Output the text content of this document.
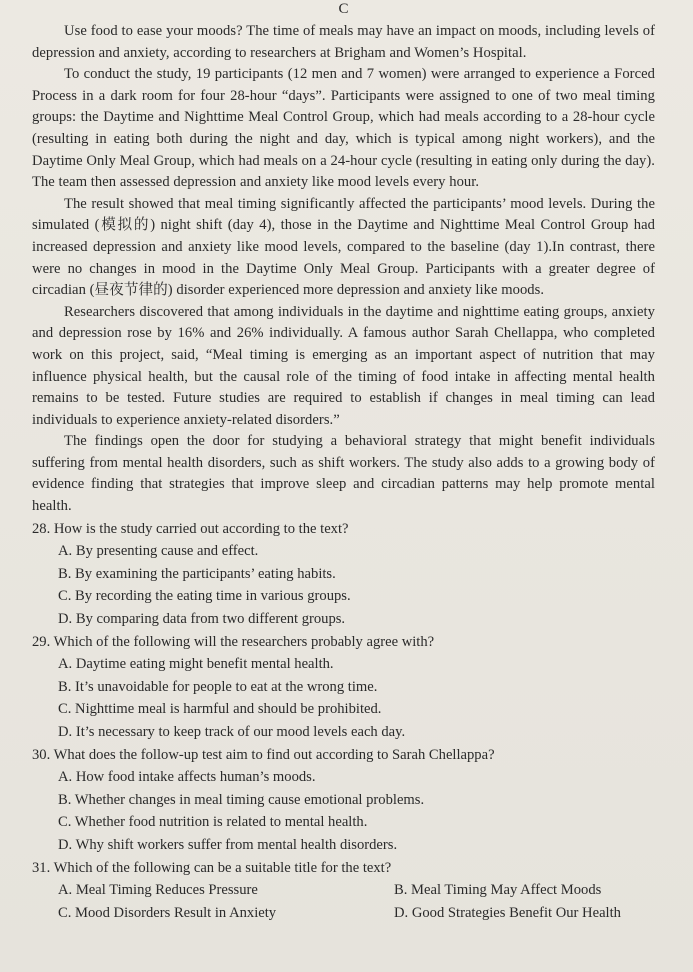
C

Use food to ease your moods? The time of meals may have an impact on moods, including levels of depression and anxiety, according to researchers at Brigham and Women’s Hospital.

To conduct the study, 19 participants (12 men and 7 women) were arranged to experience a Forced Process in a dark room for four 28-hour “days”. Participants were assigned to one of two meal timing groups: the Daytime and Nighttime Meal Control Group, which had meals according to a 28-hour cycle (resulting in eating both during the night and day, which is typical among night workers), and the Daytime Only Meal Group, which had meals on a 24-hour cycle (resulting in eating only during the day). The team then assessed depression and anxiety like mood levels every hour.

The result showed that meal timing significantly affected the participants’ mood levels. During the simulated (模拟的) night shift (day 4), those in the Daytime and Nighttime Meal Control Group had increased depression and anxiety like mood levels, compared to the baseline (day 1).In contrast, there were no changes in mood in the Daytime Only Meal Group. Participants with a greater degree of circadian (昼夜节律的) disorder experienced more depression and anxiety like moods.

Researchers discovered that among individuals in the daytime and nighttime eating groups, anxiety and depression rose by 16% and 26% individually. A famous author Sarah Chellappa, who completed work on this project, said, “Meal timing is emerging as an important aspect of nutrition that may influence physical health, but the causal role of the timing of food intake in affecting mental health remains to be tested. Future studies are required to establish if changes in meal timing can lead individuals to experience anxiety-related disorders.”

The findings open the door for studying a behavioral strategy that might benefit individuals suffering from mental health disorders, such as shift workers. The study also adds to a growing body of evidence finding that strategies that improve sleep and circadian patterns may help promote mental health.

28. How is the study carried out according to the text?
A. By presenting cause and effect.
B. By examining the participants’ eating habits.
C. By recording the eating time in various groups.
D. By comparing data from two different groups.
29. Which of the following will the researchers probably agree with?
A. Daytime eating might benefit mental health.
B. It’s unavoidable for people to eat at the wrong time.
C. Nighttime meal is harmful and should be prohibited.
D. It’s necessary to keep track of our mood levels each day.
30. What does the follow-up test aim to find out according to Sarah Chellappa?
A. How food intake affects human’s moods.
B. Whether changes in meal timing cause emotional problems.
C. Whether food nutrition is related to mental health.
D. Why shift workers suffer from mental health disorders.
31. Which of the following can be a suitable title for the text?
A. Meal Timing Reduces Pressure	B. Meal Timing May Affect Moods
C. Mood Disorders Result in Anxiety	D. Good Strategies Benefit Our Health
